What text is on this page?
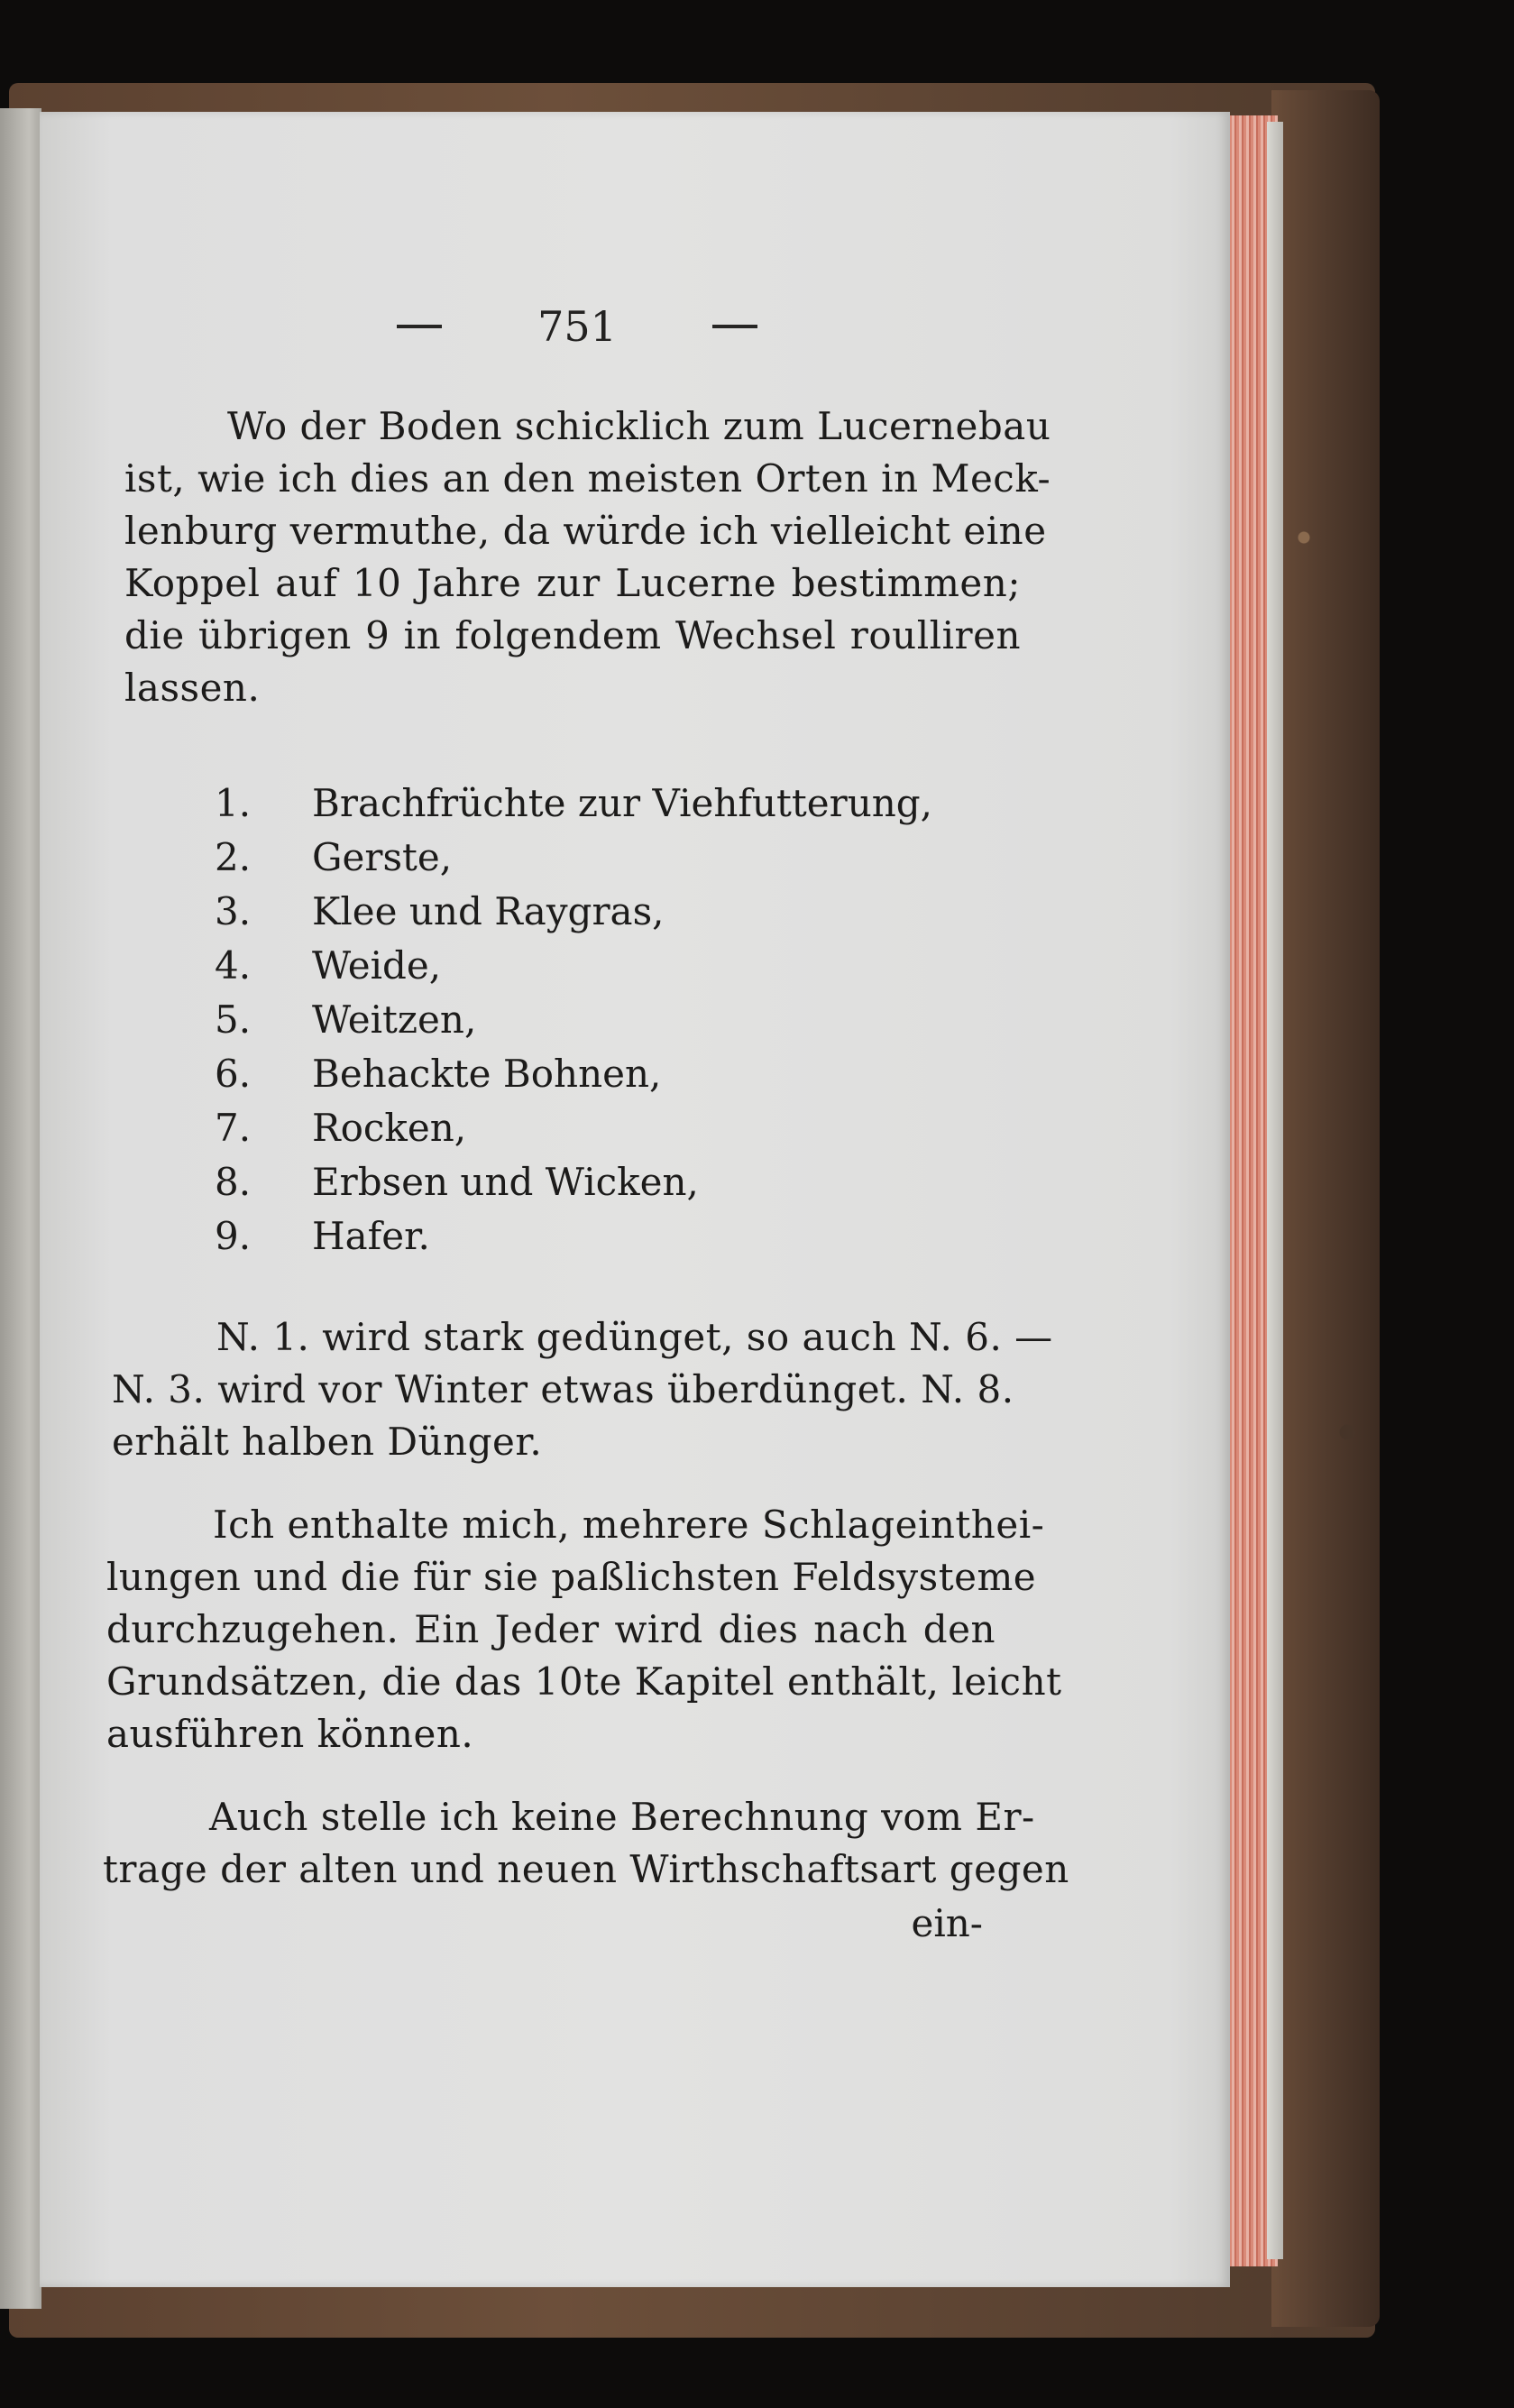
751
Wo der Boden schicklich zum Lucernebau
ist, wie ich dies an den meisten Orten in Meck-
lenburg vermuthe, da würde ich vielleicht eine
Koppel auf 10 Jahre zur Lucerne bestimmen;
die übrigen 9 in folgendem Wechsel roulliren
lassen.
1. Brachfrüchte zur Viehfutterung,
2. Gerste,
3. Klee und Raygras,
4. Weide,
5. Weitzen,
6. Behackte Bohnen,
7. Rocken,
8. Erbsen und Wicken,
9. Hafer.
N. 1. wird stark gedünget, so auch N. 6. —
N. 3. wird vor Winter etwas überdünget. N. 8.
erhält halben Dünger.
Ich enthalte mich, mehrere Schlageinthei-
lungen und die für sie paßlichsten Feldsysteme
durchzugehen. Ein Jeder wird dies nach den
Grundsätzen, die das 10te Kapitel enthält, leicht
ausführen können.
Auch stelle ich keine Berechnung vom Er-
trage der alten und neuen Wirthschaftsart gegen
ein-
